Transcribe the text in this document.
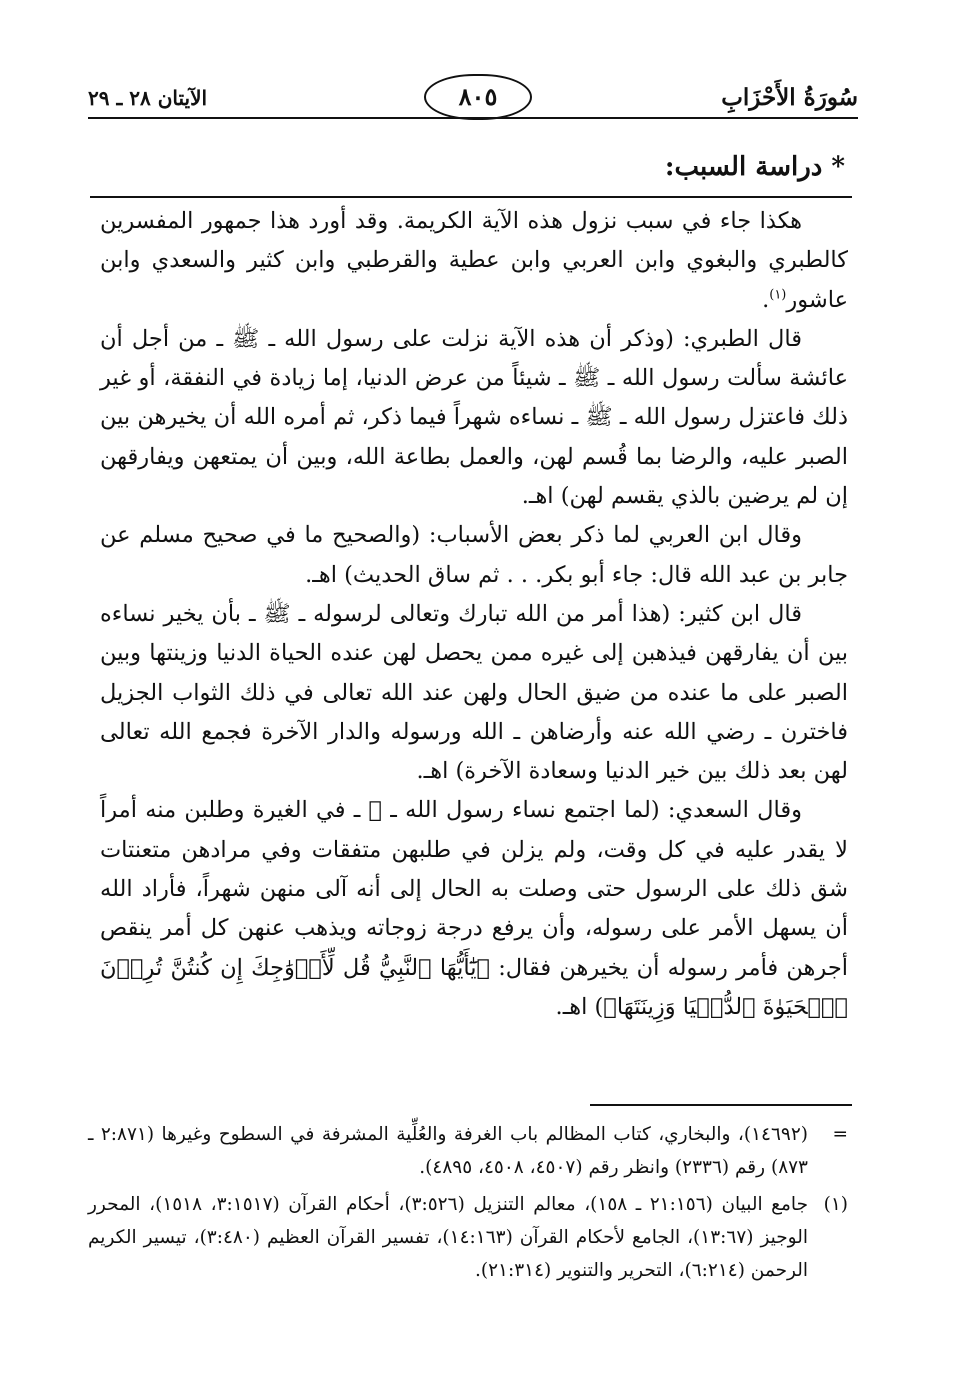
سُورَةُ الأَحْزَابِ
٨٠٥
الآيتان ٢٨ ـ ٢٩
* دراسة السبب:

هكذا جاء في سبب نزول هذه الآية الكريمة. وقد أورد هذا جمهور المفسرين كالطبري والبغوي وابن العربي وابن عطية والقرطبي وابن كثير والسعدي وابن عاشور$^{(١)}$.

قال الطبري: (وذكر أن هذه الآية نزلت على رسول الله ـ ﷺ ـ من أجل أن عائشة سألت رسول الله ـ ﷺ ـ شيئاً من عرض الدنيا، إما زيادة في النفقة، أو غير ذلك فاعتزل رسول الله ـ ﷺ ـ نساءه شهراً فيما ذكر، ثم أمره الله أن يخيرهن بين الصبر عليه، والرضا بما قُسم لهن، والعمل بطاعة الله، وبين أن يمتعهن ويفارقهن إن لم يرضين بالذي يقسم لهن) اهـ.

وقال ابن العربي لما ذكر بعض الأسباب: (والصحيح ما في صحيح مسلم عن جابر بن عبد الله قال: جاء أبو بكر. . . ثم ساق الحديث) اهـ.

قال ابن كثير: (هذا أمر من الله تبارك وتعالى لرسوله ـ ﷺ ـ بأن يخير نساءه بين أن يفارقهن فيذهبن إلى غيره ممن يحصل لهن عنده الحياة الدنيا وزينتها وبين الصبر على ما عنده من ضيق الحال ولهن عند الله تعالى في ذلك الثواب الجزيل فاخترن ـ رضي الله عنه وأرضاهن ـ الله ورسوله والدار الآخرة فجمع الله تعالى لهن بعد ذلك بين خير الدنيا وسعادة الآخرة) اهـ.

وقال السعدي: (لما اجتمع نساء رسول الله ـ ﷺ ـ في الغيرة وطلبن منه أمراً لا يقدر عليه في كل وقت، ولم يزلن في طلبهن متفقات وفي مرادهن متعنتات شق ذلك على الرسول حتى وصلت به الحال إلى أنه آلى منهن شهراً، فأراد الله أن يسهل الأمر على رسوله، وأن يرفع درجة زوجاته ويذهب عنهن كل أمر ينقص أجرهن فأمر رسوله أن يخيرهن فقال: ﴿يَٰٓأَيُّهَا ٱلنَّبِيُّ قُل لِّأَزۡوَٰجِكَ إِن كُنتُنَّ تُرِدۡنَ ٱلۡحَيَوٰةَ ٱلدُّنۡيَا وَزِينَتَهَا﴾) اهـ.

=
(١٤٦٩٢)، والبخاري، كتاب المظالم باب الغرفة والعُلِّية المشرفة في السطوح وغيرها (٢:٨٧١ ـ ٨٧٣) رقم (٢٣٣٦) وانظر رقم (٤٥٠٧، ٤٥٠٨، ٤٨٩٥).
(١)
جامع البيان (٢١:١٥٦ ـ ١٥٨)، معالم التنزيل (٣:٥٢٦)، أحكام القرآن (٣:١٥١٧، ١٥١٨)، المحرر الوجيز (١٣:٦٧)، الجامع لأحكام القرآن (١٤:١٦٣)، تفسير القرآن العظيم (٣:٤٨٠)، تيسير الكريم الرحمن (٦:٢١٤)، التحرير والتنوير (٢١:٣١٤).
